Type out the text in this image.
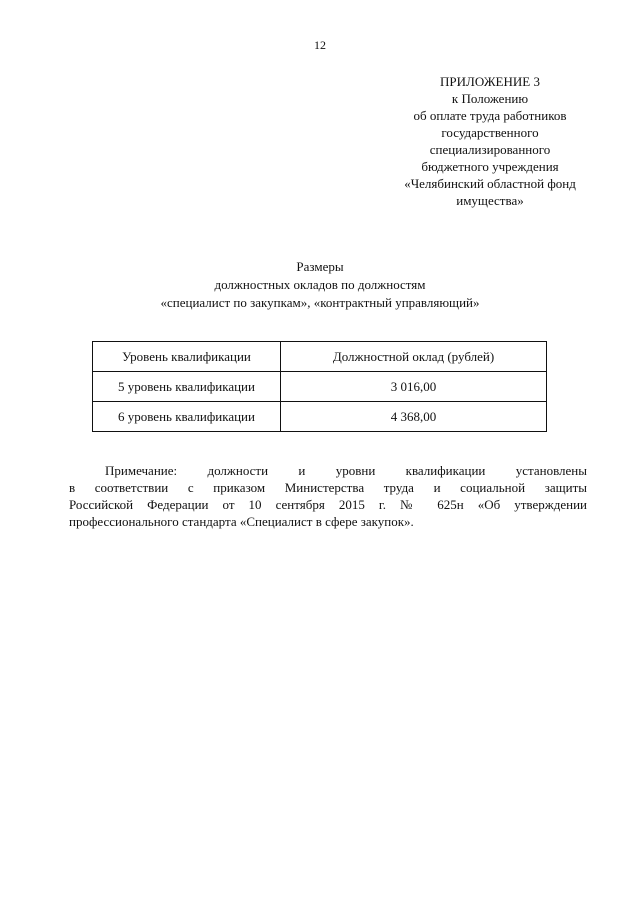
12
ПРИЛОЖЕНИЕ 3
к Положению
об оплате труда работников
государственного
специализированного
бюджетного учреждения
«Челябинский областной фонд
имущества»
Размеры
должностных окладов по должностям
«специалист по закупкам», «контрактный управляющий»
Уровень квалификации	Должностной оклад (рублей)
5 уровень квалификации	3 016,00
6 уровень квалификации	4 368,00
Примечание: должности и уровни квалификации установлены
в соответствии с приказом Министерства труда и социальной защиты
Российской Федерации от 10 сентября 2015 г. № 625н «Об утверждении
профессионального стандарта «Специалист в сфере закупок».
